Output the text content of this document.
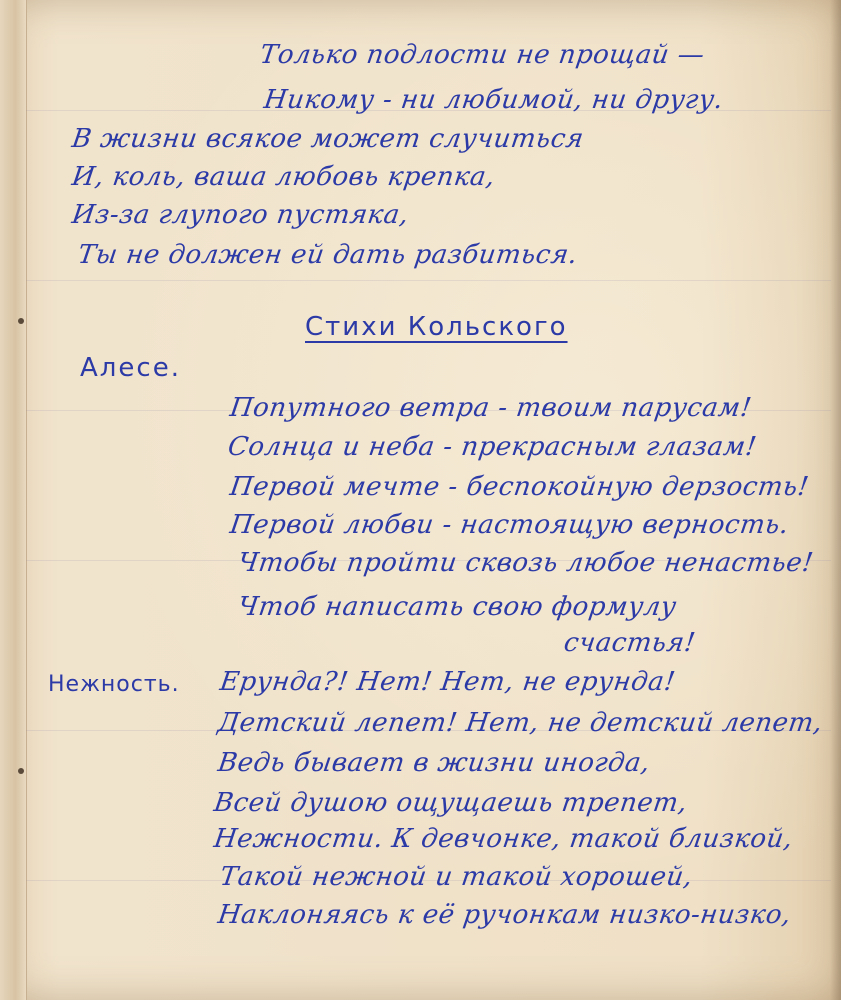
Только подлости не прощай —
Никому - ни любимой, ни другу.
В жизни всякое может случиться
И, коль, ваша любовь крепка,
Из-за глупого пустяка,
Ты не должен ей дать разбиться.
Стихи Кольского
Алесе.
Попутного ветра - твоим парусам!
Солнца и неба - прекрасным глазам!
Первой мечте - беспокойную дерзость!
Первой любви - настоящую верность.
Чтобы пройти сквозь любое ненастье!
Чтоб написать свою формулу
счастья!
Нежность. Ерунда?! Нет! Нет, не ерунда!
Детский лепет! Нет, не детский лепет,
Ведь бывает в жизни иногда,
Всей душою ощущаешь трепет,
Нежности. К девчонке, такой близкой,
Такой нежной и такой хорошей,
Наклоняясь к её ручонкам низко-низко,
